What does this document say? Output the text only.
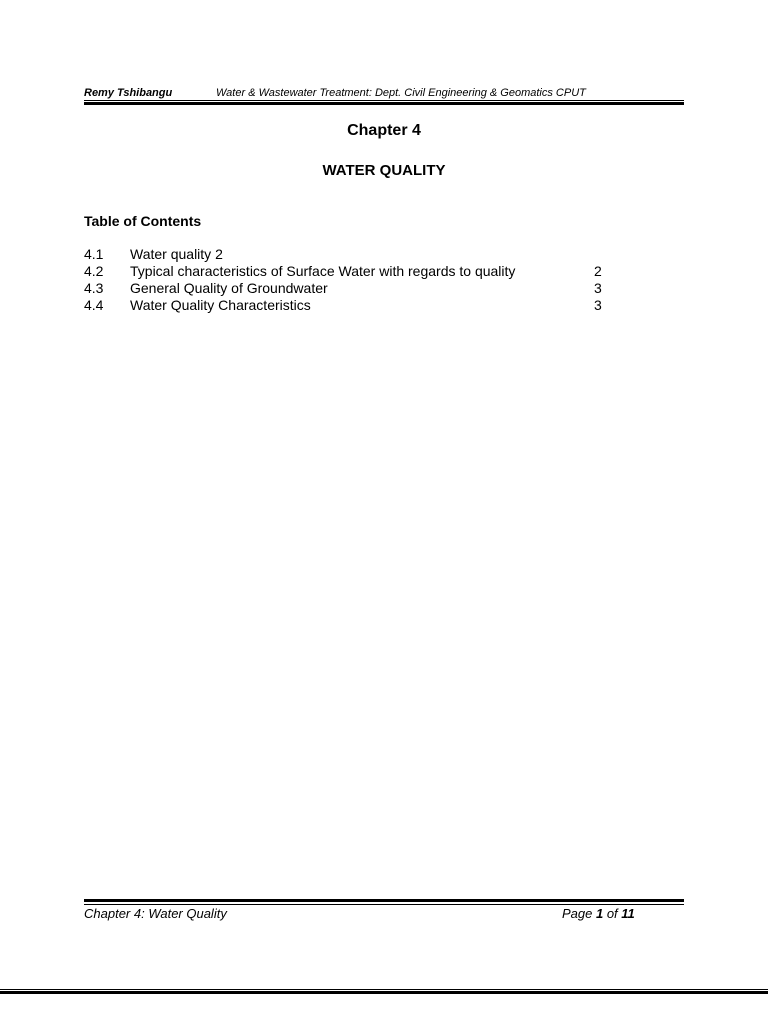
Remy Tshibangu	Water & Wastewater Treatment: Dept. Civil Engineering & Geomatics CPUT
Chapter 4
WATER QUALITY
Table of Contents
4.1 Water quality 2
4.2 Typical characteristics of Surface Water with regards to quality	2
4.3 General Quality of Groundwater	3
4.4 Water Quality Characteristics	3
Chapter 4: Water Quality	Page 1 of 11
